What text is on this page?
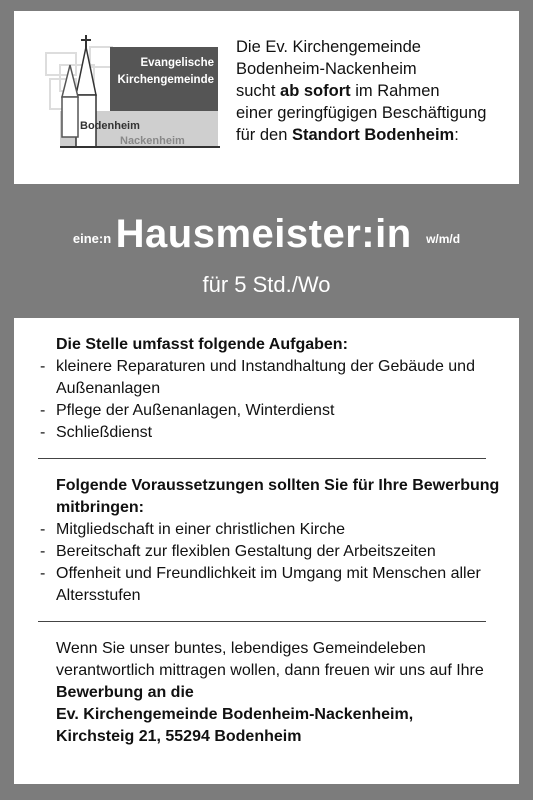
Evangelische
Kirchengemeinde
Bodenheim
Nackenheim
Die Ev. Kirchengemeinde
Bodenheim-Nackenheim
sucht ab sofort im Rahmen
einer geringfügigen Beschäftigung
für den Standort Bodenheim:
$^{eine:n}$ Hausmeister:in $^{w/m/d}$
für 5 Std./Wo
Die Stelle umfasst folgende Aufgaben:
- kleinere Reparaturen und Instandhaltung der Gebäude und Außenanlagen
- Pflege der Außenanlagen, Winterdienst
- Schließdienst
Folgende Voraussetzungen sollten Sie für Ihre Bewerbung mitbringen:
- Mitgliedschaft in einer christlichen Kirche
- Bereitschaft zur flexiblen Gestaltung der Arbeitszeiten
- Offenheit und Freundlichkeit im Umgang mit Menschen aller Altersstufen
Wenn Sie unser buntes, lebendiges Gemeindeleben verantwortlich mittragen wollen, dann freuen wir uns auf Ihre Bewerbung an die
Ev. Kirchengemeinde Bodenheim-Nackenheim,
Kirchsteig 21, 55294 Bodenheim
